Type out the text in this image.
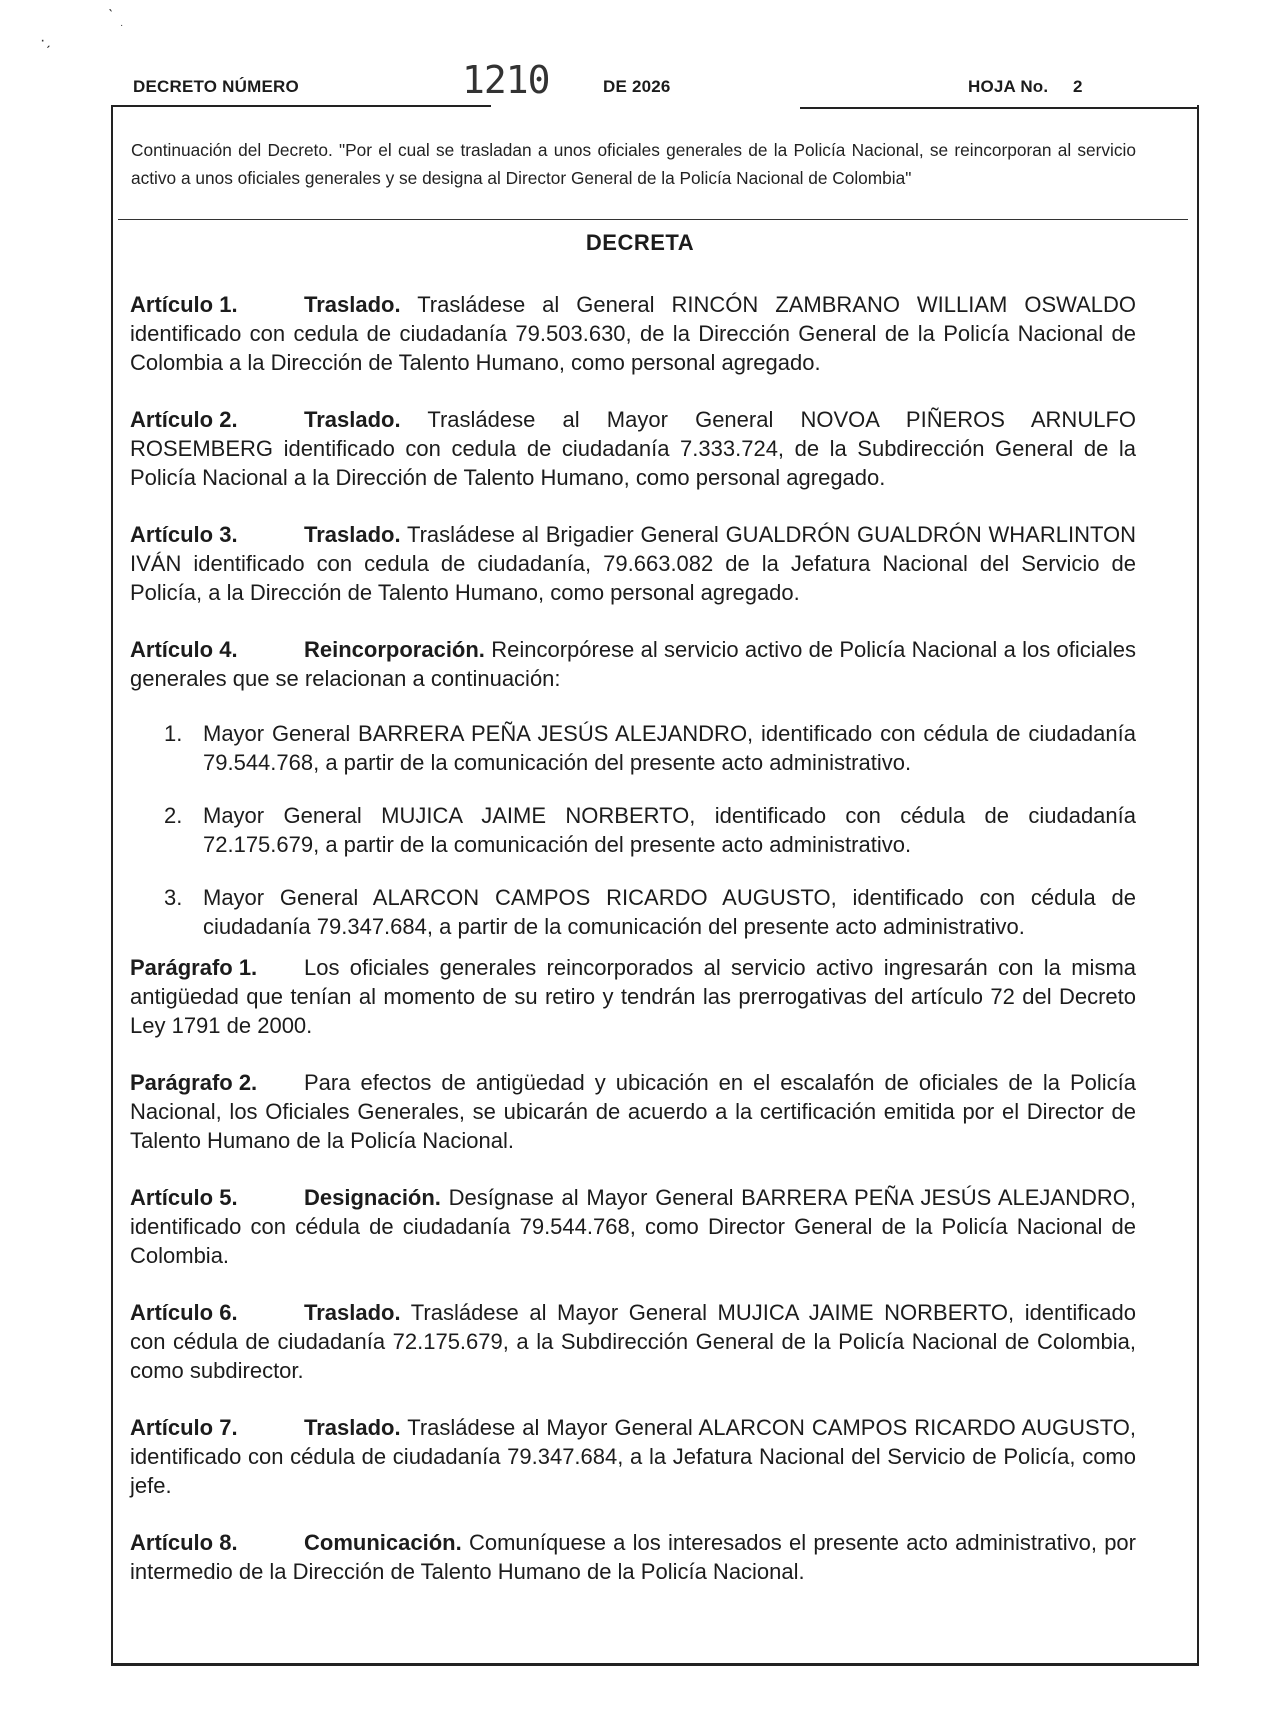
·ˏ
ˋ
·
DECRETO NÚMERO	1210	DE 2026	HOJA No. 2
Continuación del Decreto. "Por el cual se trasladan a unos oficiales generales de la Policía Nacional, se reincorporan al servicio activo a unos oficiales generales y se designa al Director General de la Policía Nacional de Colombia"
DECRETA

Artículo 1.	Traslado. Trasládese al General RINCÓN ZAMBRANO WILLIAM OSWALDO identificado con cedula de ciudadanía 79.503.630, de la Dirección General de la Policía Nacional de Colombia a la Dirección de Talento Humano, como personal agregado.

Artículo 2.	Traslado. Trasládese al Mayor General NOVOA PIÑEROS ARNULFO ROSEMBERG identificado con cedula de ciudadanía 7.333.724, de la Subdirección General de la Policía Nacional a la Dirección de Talento Humano, como personal agregado.

Artículo 3.	Traslado. Trasládese al Brigadier General GUALDRÓN GUALDRÓN WHARLINTON IVÁN identificado con cedula de ciudadanía, 79.663.082 de la Jefatura Nacional del Servicio de Policía, a la Dirección de Talento Humano, como personal agregado.

Artículo 4.	Reincorporación. Reincorpórese al servicio activo de Policía Nacional a los oficiales generales que se relacionan a continuación:

1. Mayor General BARRERA PEÑA JESÚS ALEJANDRO, identificado con cédula de ciudadanía 79.544.768, a partir de la comunicación del presente acto administrativo.
2. Mayor General MUJICA JAIME NORBERTO, identificado con cédula de ciudadanía 72.175.679, a partir de la comunicación del presente acto administrativo.
3. Mayor General ALARCON CAMPOS RICARDO AUGUSTO, identificado con cédula de ciudadanía 79.347.684, a partir de la comunicación del presente acto administrativo.

Parágrafo 1. Los oficiales generales reincorporados al servicio activo ingresarán con la misma antigüedad que tenían al momento de su retiro y tendrán las prerrogativas del artículo 72 del Decreto Ley 1791 de 2000.

Parágrafo 2. Para efectos de antigüedad y ubicación en el escalafón de oficiales de la Policía Nacional, los Oficiales Generales, se ubicarán de acuerdo a la certificación emitida por el Director de Talento Humano de la Policía Nacional.

Artículo 5.	Designación. Desígnase al Mayor General BARRERA PEÑA JESÚS ALEJANDRO, identificado con cédula de ciudadanía 79.544.768, como Director General de la Policía Nacional de Colombia.

Artículo 6.	Traslado. Trasládese al Mayor General MUJICA JAIME NORBERTO, identificado con cédula de ciudadanía 72.175.679, a la Subdirección General de la Policía Nacional de Colombia, como subdirector.

Artículo 7.	Traslado. Trasládese al Mayor General ALARCON CAMPOS RICARDO AUGUSTO, identificado con cédula de ciudadanía 79.347.684, a la Jefatura Nacional del Servicio de Policía, como jefe.

Artículo 8.	Comunicación. Comuníquese a los interesados el presente acto administrativo, por intermedio de la Dirección de Talento Humano de la Policía Nacional.
